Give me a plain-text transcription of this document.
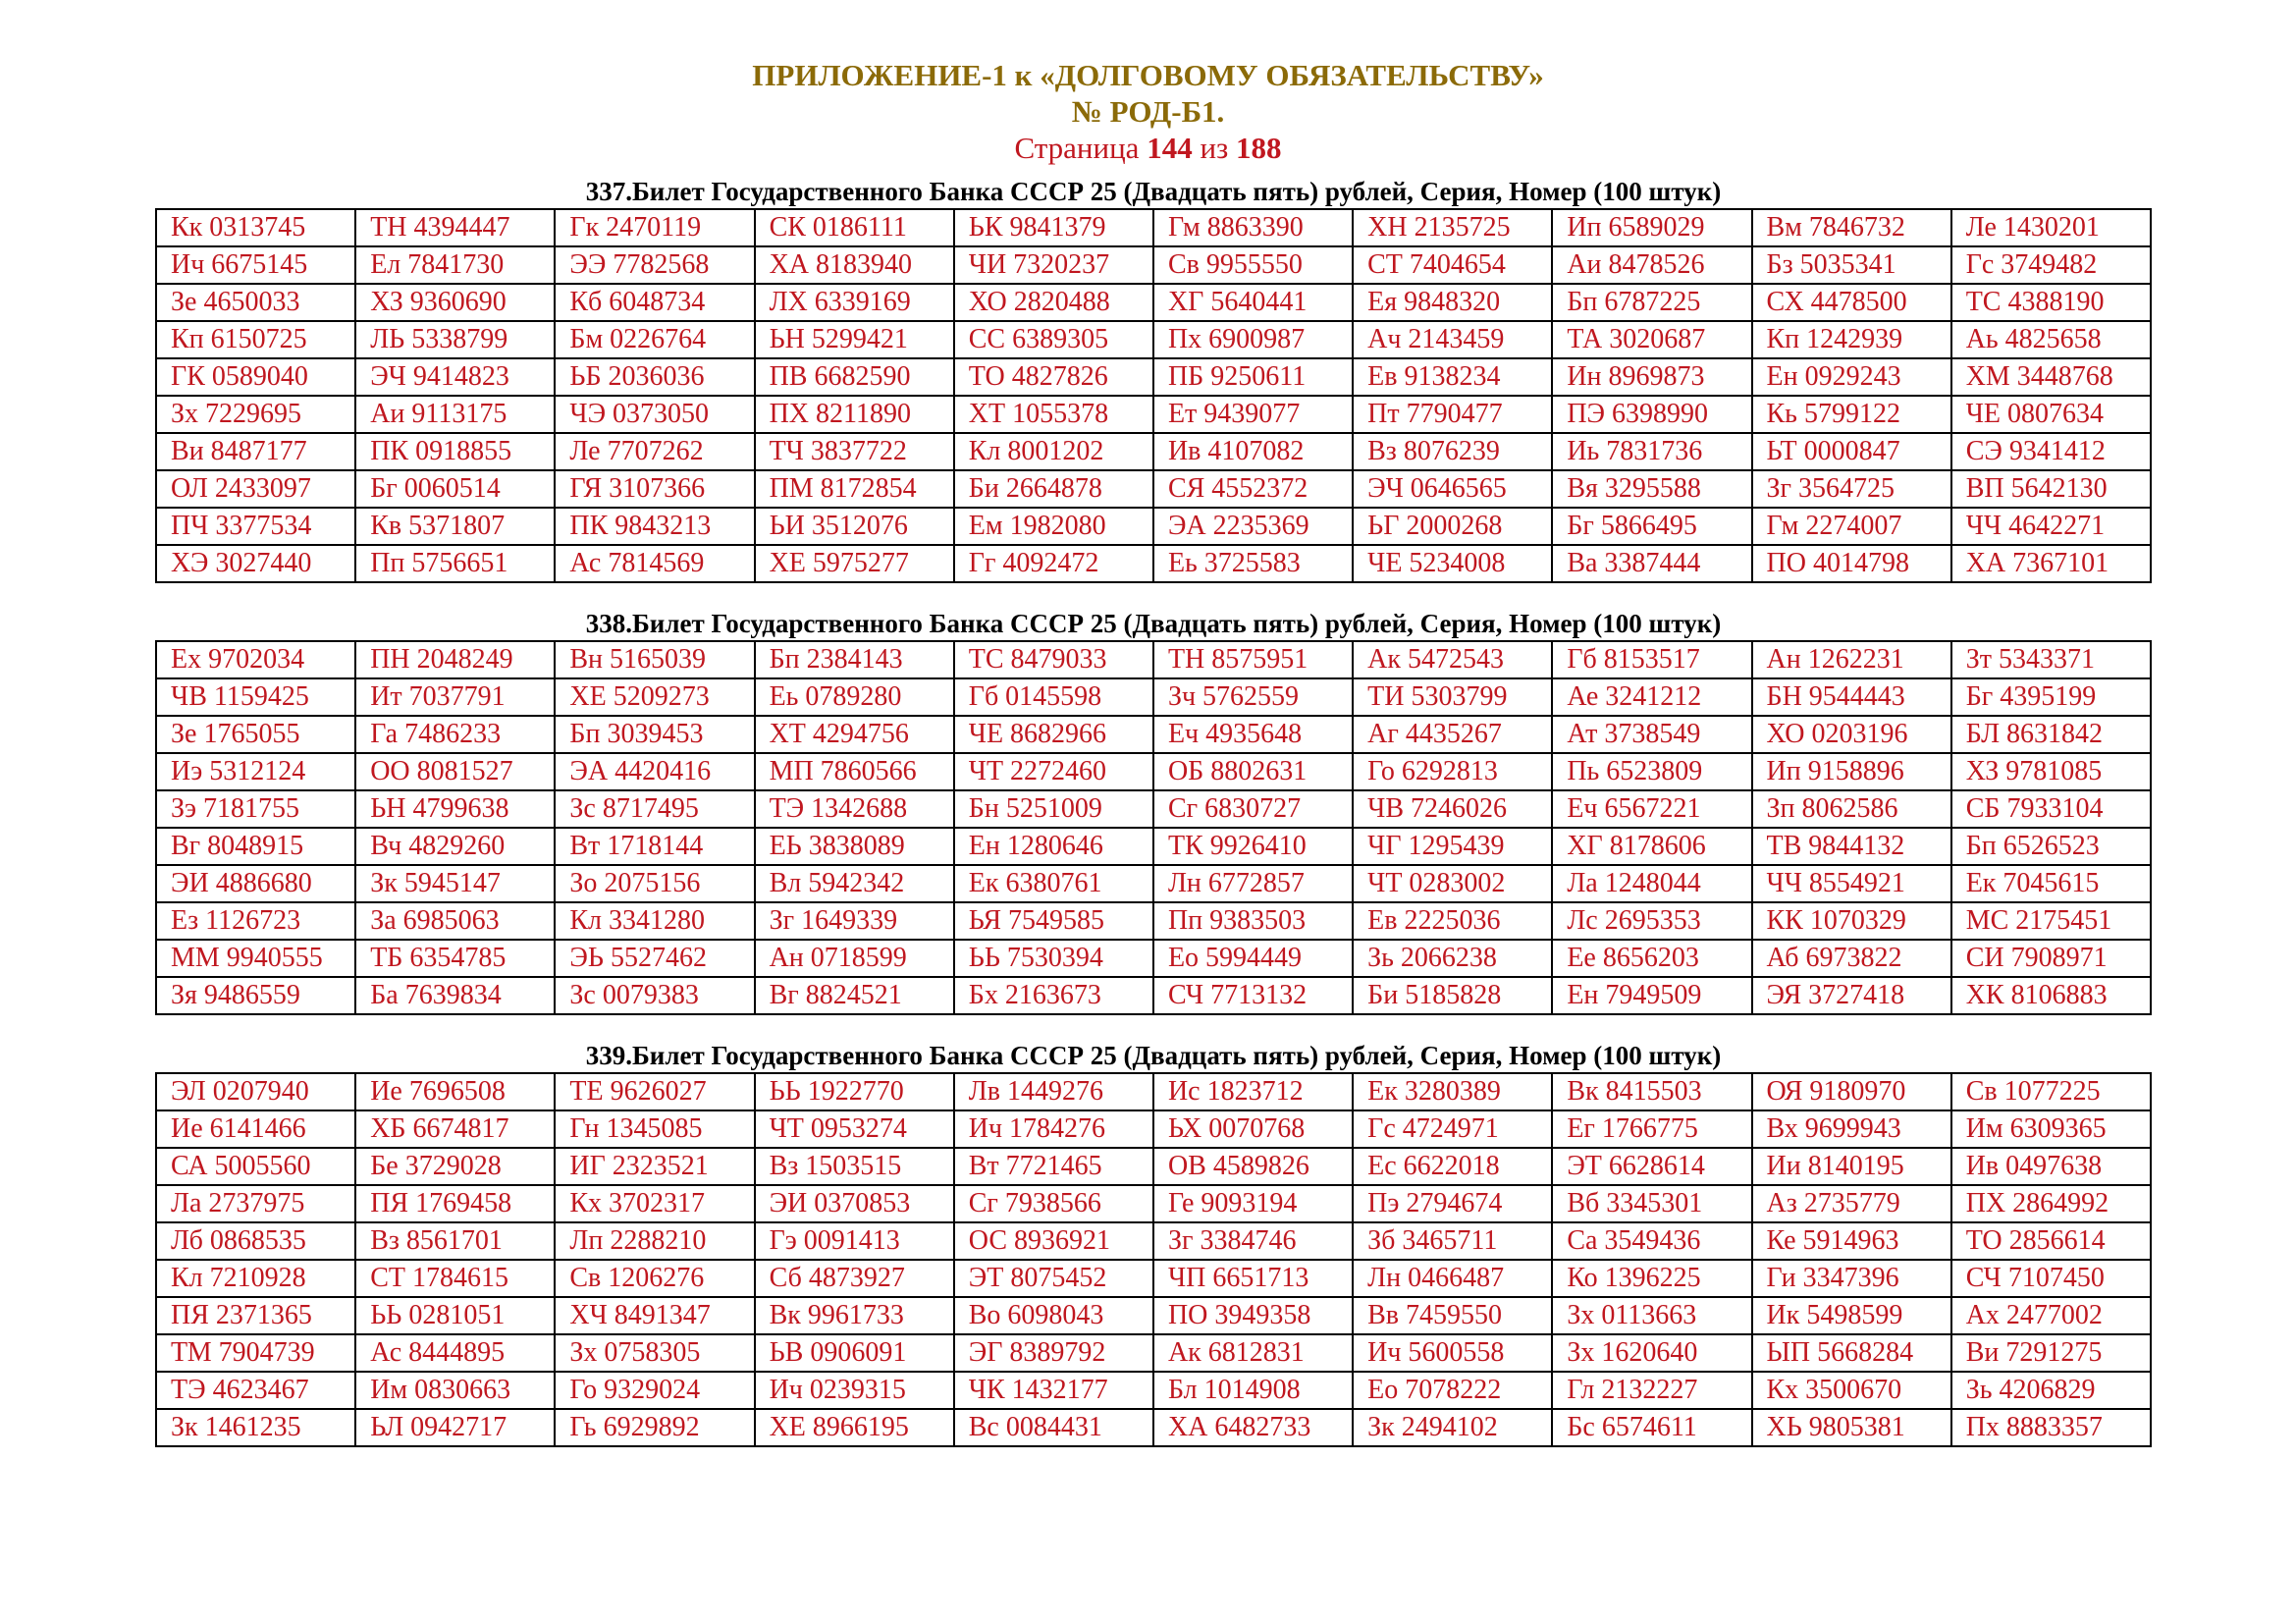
ПРИЛОЖЕНИЕ-1 к «ДОЛГОВОМУ ОБЯЗАТЕЛЬСТВУ»
№ РОД-Б1.
Страница 144 из 188
337.Билет Государственного Банка СССР 25 (Двадцать пять) рублей, Серия, Номер (100 штук)
Кк 0313745	ТН 4394447	Гк 2470119	СК 0186111	ЬК 9841379	Гм 8863390	ХН 2135725	Ип 6589029	Вм 7846732	Ле 1430201
Ич 6675145	Ел 7841730	ЭЭ 7782568	ХА 8183940	ЧИ 7320237	Св 9955550	СТ 7404654	Аи 8478526	Бз 5035341	Гс 3749482
Зе 4650033	ХЗ 9360690	Кб 6048734	ЛХ 6339169	ХО 2820488	ХГ 5640441	Ея 9848320	Бп 6787225	СХ 4478500	ТС 4388190
Кп 6150725	ЛЬ 5338799	Бм 0226764	ЬН 5299421	СС 6389305	Пх 6900987	Ач 2143459	ТА 3020687	Кп 1242939	Аь 4825658
ГК 0589040	ЭЧ 9414823	ЬБ 2036036	ПВ 6682590	ТО 4827826	ПБ 9250611	Ев 9138234	Ин 8969873	Ен 0929243	ХМ 3448768
Зх 7229695	Аи 9113175	ЧЭ 0373050	ПХ 8211890	ХТ 1055378	Ет 9439077	Пт 7790477	ПЭ 6398990	Кь 5799122	ЧЕ 0807634
Ви 8487177	ПК 0918855	Ле 7707262	ТЧ 3837722	Кл 8001202	Ив 4107082	Вз 8076239	Иь 7831736	ЬТ 0000847	СЭ 9341412
ОЛ 2433097	Бг 0060514	ГЯ 3107366	ПМ 8172854	Би 2664878	СЯ 4552372	ЭЧ 0646565	Вя 3295588	Зг 3564725	ВП 5642130
ПЧ 3377534	Кв 5371807	ПК 9843213	ЬИ 3512076	Ем 1982080	ЭА 2235369	ЬГ 2000268	Бг 5866495	Гм 2274007	ЧЧ 4642271
ХЭ 3027440	Пп 5756651	Ас 7814569	ХЕ 5975277	Гг 4092472	Еь 3725583	ЧЕ 5234008	Ва 3387444	ПО 4014798	ХА 7367101
338.Билет Государственного Банка СССР 25 (Двадцать пять) рублей, Серия, Номер (100 штук)
Ех 9702034	ПН 2048249	Вн 5165039	Бп 2384143	ТС 8479033	ТН 8575951	Ак 5472543	Гб 8153517	Ан 1262231	Зт 5343371
ЧВ 1159425	Ит 7037791	ХЕ 5209273	Еь 0789280	Гб 0145598	Зч 5762559	ТИ 5303799	Ае 3241212	БН 9544443	Бг 4395199
Зе 1765055	Га 7486233	Бп 3039453	ХТ 4294756	ЧЕ 8682966	Еч 4935648	Аг 4435267	Ат 3738549	ХО 0203196	БЛ 8631842
Иэ 5312124	ОО 8081527	ЭА 4420416	МП 7860566	ЧТ 2272460	ОБ 8802631	Го 6292813	Пь 6523809	Ип 9158896	ХЗ 9781085
Зэ 7181755	ЬН 4799638	Зс 8717495	ТЭ 1342688	Бн 5251009	Сг 6830727	ЧВ 7246026	Еч 6567221	Зп 8062586	СБ 7933104
Вг 8048915	Вч 4829260	Вт 1718144	ЕЬ 3838089	Ен 1280646	ТК 9926410	ЧГ 1295439	ХГ 8178606	ТВ 9844132	Бп 6526523
ЭИ 4886680	Зк 5945147	Зо 2075156	Вл 5942342	Ек 6380761	Лн 6772857	ЧТ 0283002	Ла 1248044	ЧЧ 8554921	Ек 7045615
Ез 1126723	За 6985063	Кл 3341280	Зг 1649339	ЬЯ 7549585	Пп 9383503	Ев 2225036	Лс 2695353	КК 1070329	МС 2175451
ММ 9940555	ТБ 6354785	ЭЬ 5527462	Ан 0718599	ЬЬ 7530394	Ео 5994449	Зь 2066238	Ее 8656203	Аб 6973822	СИ 7908971
Зя 9486559	Ба 7639834	Зс 0079383	Вг 8824521	Бх 2163673	СЧ 7713132	Би 5185828	Ен 7949509	ЭЯ 3727418	ХК 8106883
339.Билет Государственного Банка СССР 25 (Двадцать пять) рублей, Серия, Номер (100 штук)
ЭЛ 0207940	Ие 7696508	ТЕ 9626027	ЬЬ 1922770	Лв 1449276	Ис 1823712	Ек 3280389	Вк 8415503	ОЯ 9180970	Св 1077225
Ие 6141466	ХБ 6674817	Гн 1345085	ЧТ 0953274	Ич 1784276	ЬХ 0070768	Гс 4724971	Ег 1766775	Вх 9699943	Им 6309365
СА 5005560	Бе 3729028	ИГ 2323521	Вз 1503515	Вт 7721465	ОВ 4589826	Ес 6622018	ЭТ 6628614	Ии 8140195	Ив 0497638
Ла 2737975	ПЯ 1769458	Кх 3702317	ЭИ 0370853	Сг 7938566	Ге 9093194	Пэ 2794674	Вб 3345301	Аз 2735779	ПХ 2864992
Лб 0868535	Вз 8561701	Лп 2288210	Гэ 0091413	ОС 8936921	Зг 3384746	Зб 3465711	Са 3549436	Ке 5914963	ТО 2856614
Кл 7210928	СТ 1784615	Св 1206276	Сб 4873927	ЭТ 8075452	ЧП 6651713	Лн 0466487	Ко 1396225	Ги 3347396	СЧ 7107450
ПЯ 2371365	ЬЬ 0281051	ХЧ 8491347	Вк 9961733	Во 6098043	ПО 3949358	Вв 7459550	Зх 0113663	Ик 5498599	Ах 2477002
ТМ 7904739	Ас 8444895	Зх 0758305	ЬВ 0906091	ЭГ 8389792	Ак 6812831	Ич 5600558	Зх 1620640	ЫП 5668284	Ви 7291275
ТЭ 4623467	Им 0830663	Го 9329024	Ич 0239315	ЧК 1432177	Бл 1014908	Ео 7078222	Гл 2132227	Кх 3500670	Зь 4206829
Зк 1461235	ЬЛ 0942717	Гь 6929892	ХЕ 8966195	Вс 0084431	ХА 6482733	Зк 2494102	Бс 6574611	ХЬ 9805381	Пх 8883357
